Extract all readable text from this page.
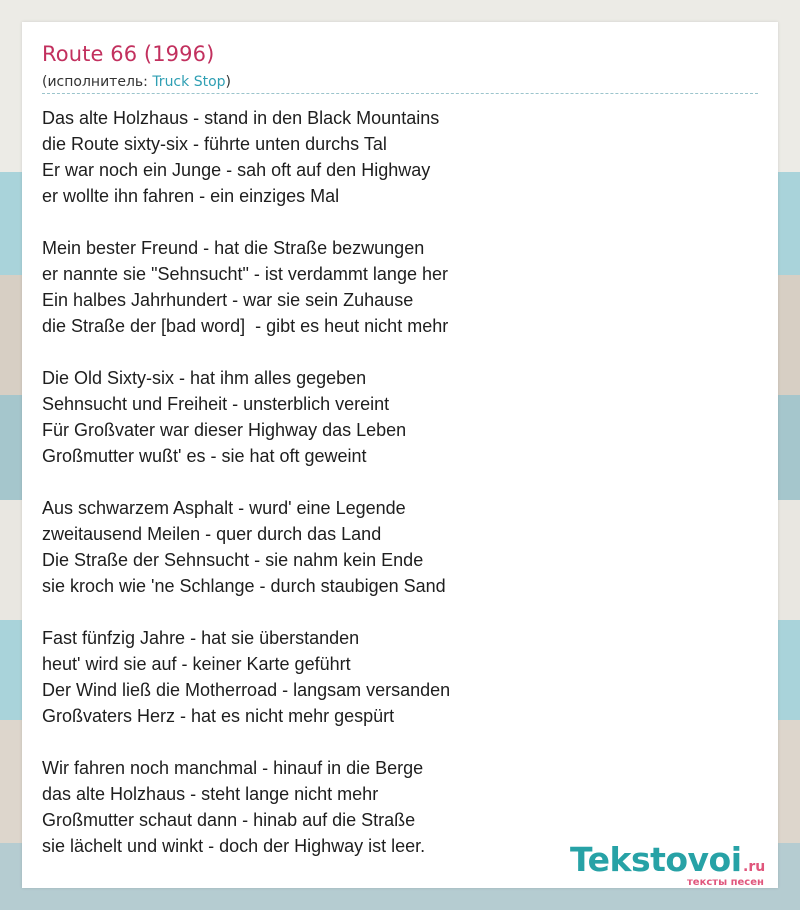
Route 66 (1996)
(исполнитель: Truck Stop)
Das alte Holzhaus - stand in den Black Mountains
die Route sixty-six - führte unten durchs Tal
Er war noch ein Junge - sah oft auf den Highway
er wollte ihn fahren - ein einziges Mal
Mein bester Freund - hat die Straße bezwungen
er nannte sie "Sehnsucht" - ist verdammt lange her
Ein halbes Jahrhundert - war sie sein Zuhause
die Straße der [bad word]  - gibt es heut nicht mehr
Die Old Sixty-six - hat ihm alles gegeben
Sehnsucht und Freiheit - unsterblich vereint
Für Großvater war dieser Highway das Leben
Großmutter wußt' es - sie hat oft geweint
Aus schwarzem Asphalt - wurd' eine Legende
zweitausend Meilen - quer durch das Land
Die Straße der Sehnsucht - sie nahm kein Ende
sie kroch wie 'ne Schlange - durch staubigen Sand
Fast fünfzig Jahre - hat sie überstanden
heut' wird sie auf - keiner Karte geführt
Der Wind ließ die Motherroad - langsam versanden
Großvaters Herz - hat es nicht mehr gespürt
Wir fahren noch manchmal - hinauf in die Berge
das alte Holzhaus - steht lange nicht mehr
Großmutter schaut dann - hinab auf die Straße
sie lächelt und winkt - doch der Highway ist leer.	Tekstovoi .ru
тексты песен
